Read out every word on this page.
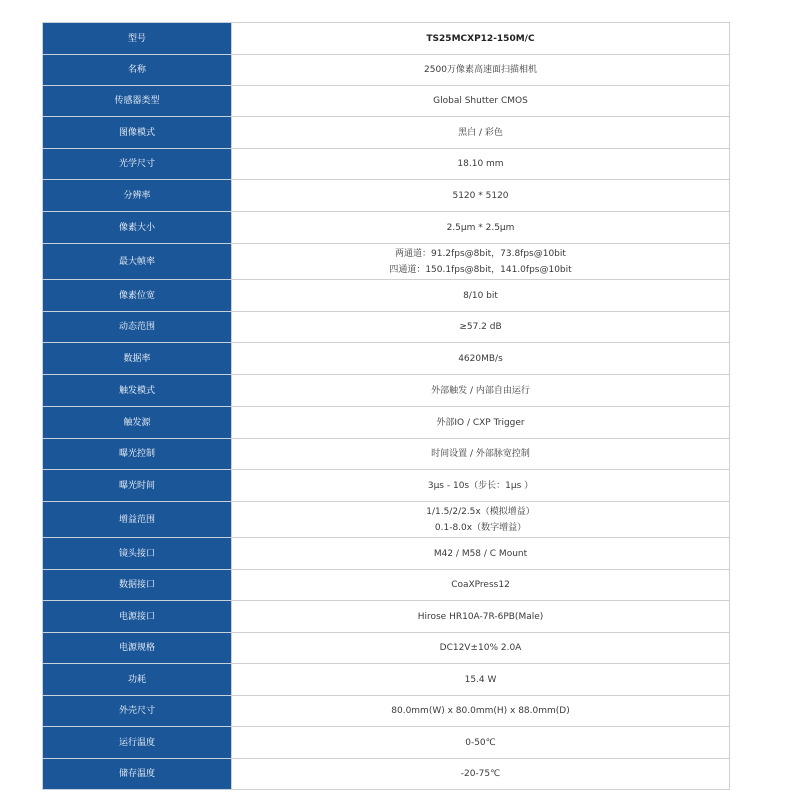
型号	TS25MCXP12-150M/C

名称	2500万像素高速面扫描相机

传感器类型	Global Shutter CMOS

图像模式	黑白 / 彩色

光学尺寸	18.10 mm

分辨率	5120 * 5120

像素大小	2.5μm * 2.5μm

最大帧率	两通道：91.2fps@8bit，73.8fps@10bit
四通道：150.1fps@8bit，141.0fps@10bit

像素位宽	8/10 bit

动态范围	≥57.2 dB

数据率	4620MB/s

触发模式	外部触发 / 内部自由运行

触发源	外部IO / CXP Trigger

曝光控制	时间设置 / 外部脉宽控制

曝光时间	3μs - 10s（步长：1μs ）

增益范围	1/1.5/2/2.5x（模拟增益）
0.1-8.0x（数字增益）

镜头接口	M42 / M58 / C Mount

数据接口	CoaXPress12

电源接口	Hirose HR10A-7R-6PB(Male)

电源规格	DC12V±10% 2.0A

功耗	15.4 W

外壳尺寸	80.0mm(W) x 80.0mm(H) x 88.0mm(D)

运行温度	0-50℃

储存温度	-20-75℃
